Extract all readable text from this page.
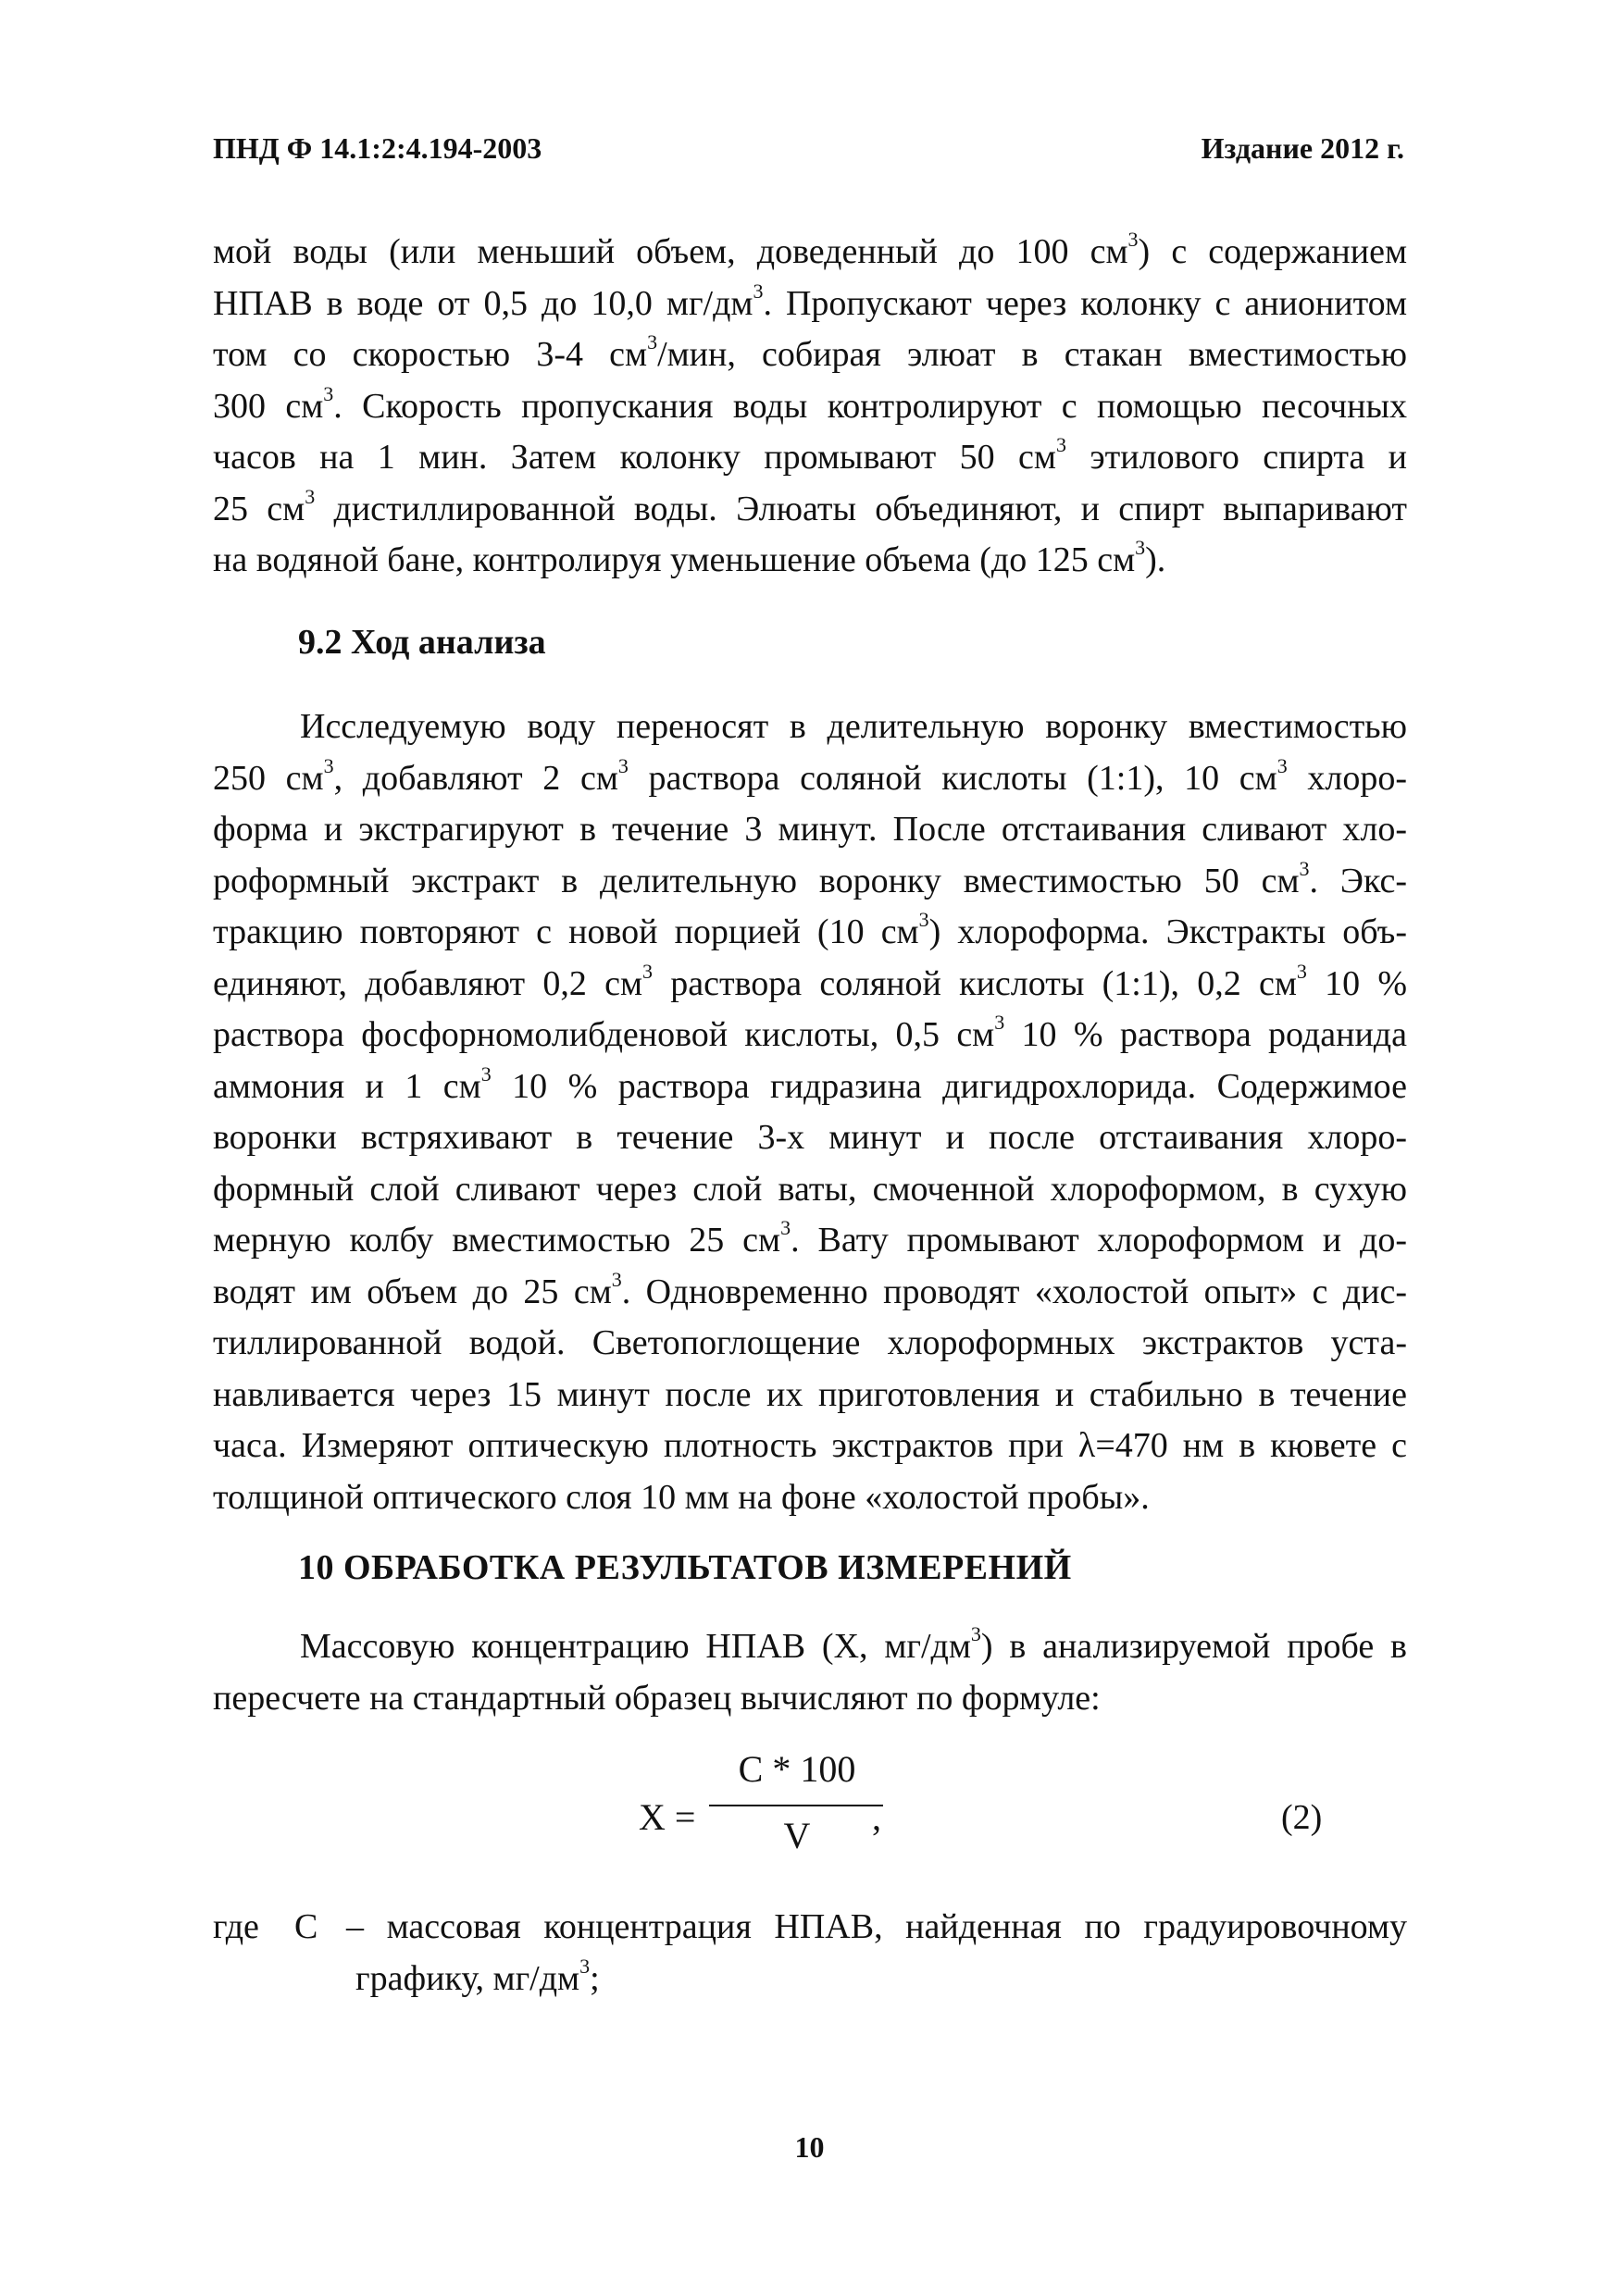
ПНД Ф 14.1:2:4.194-2003	Издание 2012 г.
мой воды (или меньший объем, доведенный до 100 $см^3$) с содержанием
НПАВ в воде от 0,5 до 10,0 $мг/дм^3$. Пропускают через колонку с анионитом
том со скоростью 3-4 $см^3$/мин, собирая элюат в стакан вместимостью
300 $см^3$. Скорость пропускания воды контролируют с помощью песочных
часов на 1 мин. Затем колонку промывают 50 $см^3$ этилового спирта и
25 $см^3$ дистиллированной воды. Элюаты объединяют, и спирт выпаривают
на водяной бане, контролируя уменьшение объема (до 125 $см^3$).
9.2 Ход анализа
Исследуемую воду переносят в делительную воронку вместимостью
250 $см^3$, добавляют 2 $см^3$ раствора соляной кислоты (1:1), 10 $см^3$ хлоро-
форма и экстрагируют в течение 3 минут. После отстаивания сливают хло-
роформный экстракт в делительную воронку вместимостью 50 $см^3$. Экс-
тракцию повторяют с новой порцией (10 $см^3$) хлороформа. Экстракты объ-
единяют, добавляют 0,2 $см^3$ раствора соляной кислоты (1:1), 0,2 $см^3$ 10 %
раствора фосфорномолибденовой кислоты, 0,5 $см^3$ 10 % раствора роданида
аммония и 1 $см^3$ 10 % раствора гидразина дигидрохлорида. Содержимое
воронки встряхивают в течение 3-х минут и после отстаивания хлоро-
формный слой сливают через слой ваты, смоченной хлороформом, в сухую
мерную колбу вместимостью 25 $см^3$. Вату промывают хлороформом и до-
водят им объем до 25 $см^3$. Одновременно проводят «холостой опыт» с дис-
тиллированной водой. Светопоглощение хлороформных экстрактов уста-
навливается через 15 минут после их приготовления и стабильно в течение
часа. Измеряют оптическую плотность экстрактов при λ=470 нм в кювете с
толщиной оптического слоя 10 мм на фоне «холостой пробы».
10 ОБРАБОТКА РЕЗУЛЬТАТОВ ИЗМЕРЕНИЙ
Массовую концентрацию НПАВ (X, $мг/дм^3$) в анализируемой пробе в
пересчете на стандартный образец вычисляют по формуле:
X =
C * 100
V	,	(2)
где C – массовая концентрация НПАВ, найденная по градуировочному
графику, $мг/дм^3$;
10
